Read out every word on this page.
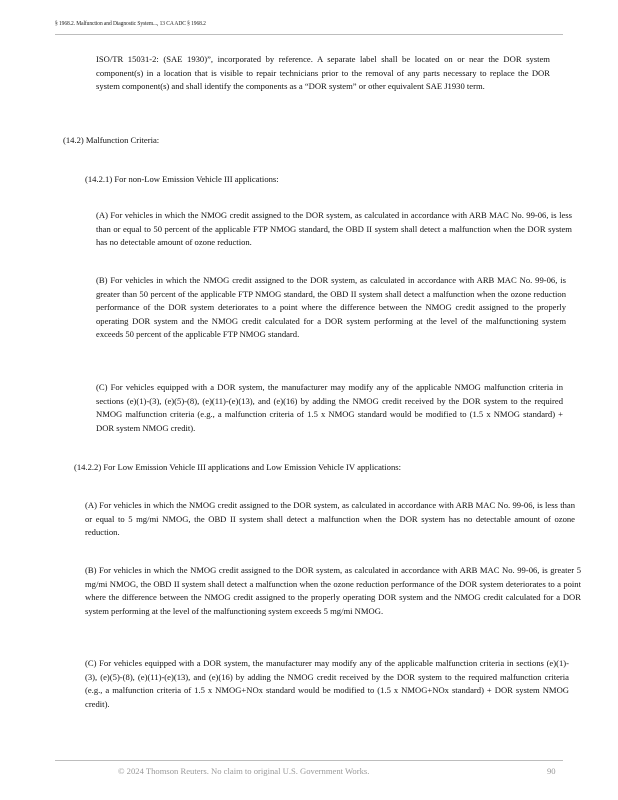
§ 1968.2. Malfunction and Diagnostic System..., 13 CA ADC § 1968.2
ISO/TR 15031-2: (SAE 1930)”, incorporated by reference. A separate label shall be located on or near the DOR system component(s) in a location that is visible to repair technicians prior to the removal of any parts necessary to replace the DOR system component(s) and shall identify the components as a “DOR system” or other equivalent SAE J1930 term.
(14.2) Malfunction Criteria:
(14.2.1) For non-Low Emission Vehicle III applications:
(A) For vehicles in which the NMOG credit assigned to the DOR system, as calculated in accordance with ARB MAC No. 99-06, is less than or equal to 50 percent of the applicable FTP NMOG standard, the OBD II system shall detect a malfunction when the DOR system has no detectable amount of ozone reduction.
(B) For vehicles in which the NMOG credit assigned to the DOR system, as calculated in accordance with ARB MAC No. 99-06, is greater than 50 percent of the applicable FTP NMOG standard, the OBD II system shall detect a malfunction when the ozone reduction performance of the DOR system deteriorates to a point where the difference between the NMOG credit assigned to the properly operating DOR system and the NMOG credit calculated for a DOR system performing at the level of the malfunctioning system exceeds 50 percent of the applicable FTP NMOG standard.
(C) For vehicles equipped with a DOR system, the manufacturer may modify any of the applicable NMOG malfunction criteria in sections (e)(1)-(3), (e)(5)-(8), (e)(11)-(e)(13), and (e)(16) by adding the NMOG credit received by the DOR system to the required NMOG malfunction criteria (e.g., a malfunction criteria of 1.5 x NMOG standard would be modified to (1.5 x NMOG standard) + DOR system NMOG credit).
(14.2.2) For Low Emission Vehicle III applications and Low Emission Vehicle IV applications:
(A) For vehicles in which the NMOG credit assigned to the DOR system, as calculated in accordance with ARB MAC No. 99-06, is less than or equal to 5 mg/mi NMOG, the OBD II system shall detect a malfunction when the DOR system has no detectable amount of ozone reduction.
(B) For vehicles in which the NMOG credit assigned to the DOR system, as calculated in accordance with ARB MAC No. 99-06, is greater 5 mg/mi NMOG, the OBD II system shall detect a malfunction when the ozone reduction performance of the DOR system deteriorates to a point where the difference between the NMOG credit assigned to the properly operating DOR system and the NMOG credit calculated for a DOR system performing at the level of the malfunctioning system exceeds 5 mg/mi NMOG.
(C) For vehicles equipped with a DOR system, the manufacturer may modify any of the applicable malfunction criteria in sections (e)(1)-(3), (e)(5)-(8), (e)(11)-(e)(13), and (e)(16) by adding the NMOG credit received by the DOR system to the required malfunction criteria (e.g., a malfunction criteria of 1.5 x NMOG+NOx standard would be modified to (1.5 x NMOG+NOx standard) + DOR system NMOG credit).
© 2024 Thomson Reuters. No claim to original U.S. Government Works.	90
